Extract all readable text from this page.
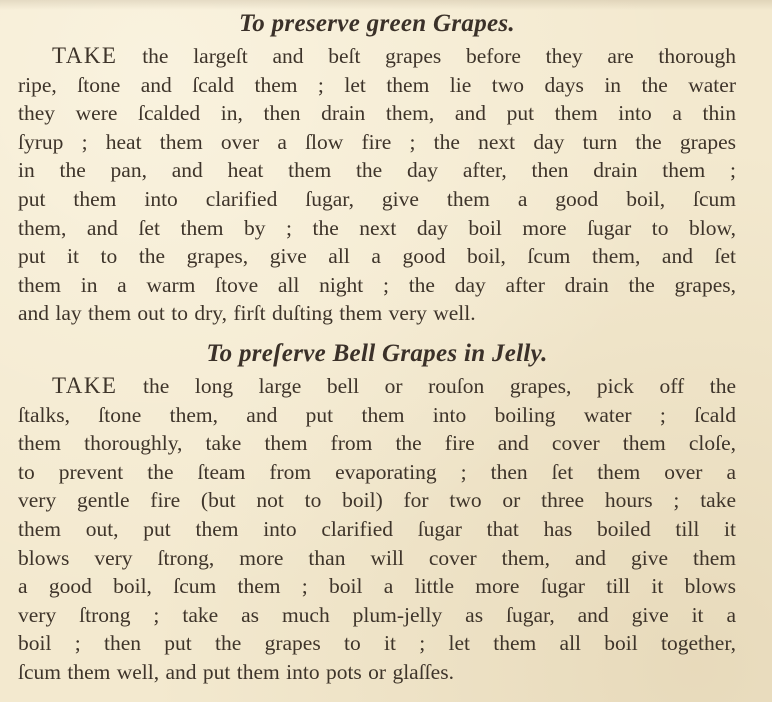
To preserve green Grapes.

TAKE the largeſt and beſt grapes before they are thorough
ripe, ſtone and ſcald them ; let them lie two days in the water
they were ſcalded in, then drain them, and put them into a thin
ſyrup ; heat them over a ſlow fire ; the next day turn the grapes
in the pan, and heat them the day after, then drain them ;
put them into clarified ſugar, give them a good boil, ſcum
them, and ſet them by ; the next day boil more ſugar to blow,
put it to the grapes, give all a good boil, ſcum them, and ſet
them in a warm ſtove all night ; the day after drain the grapes,
and lay them out to dry, firſt duſting them very well.

To preſerve Bell Grapes in Jelly.

TAKE the long large bell or rouſon grapes, pick off the
ſtalks, ſtone them, and put them into boiling water ; ſcald
them thoroughly, take them from the fire and cover them cloſe,
to prevent the ſteam from evaporating ; then ſet them over a
very gentle fire (but not to boil) for two or three hours ; take
them out, put them into clarified ſugar that has boiled till it
blows very ſtrong, more than will cover them, and give them
a good boil, ſcum them ; boil a little more ſugar till it blows
very ſtrong ; take as much plum-jelly as ſugar, and give it a
boil ; then put the grapes to it ; let them all boil together,
ſcum them well, and put them into pots or glaſſes.
